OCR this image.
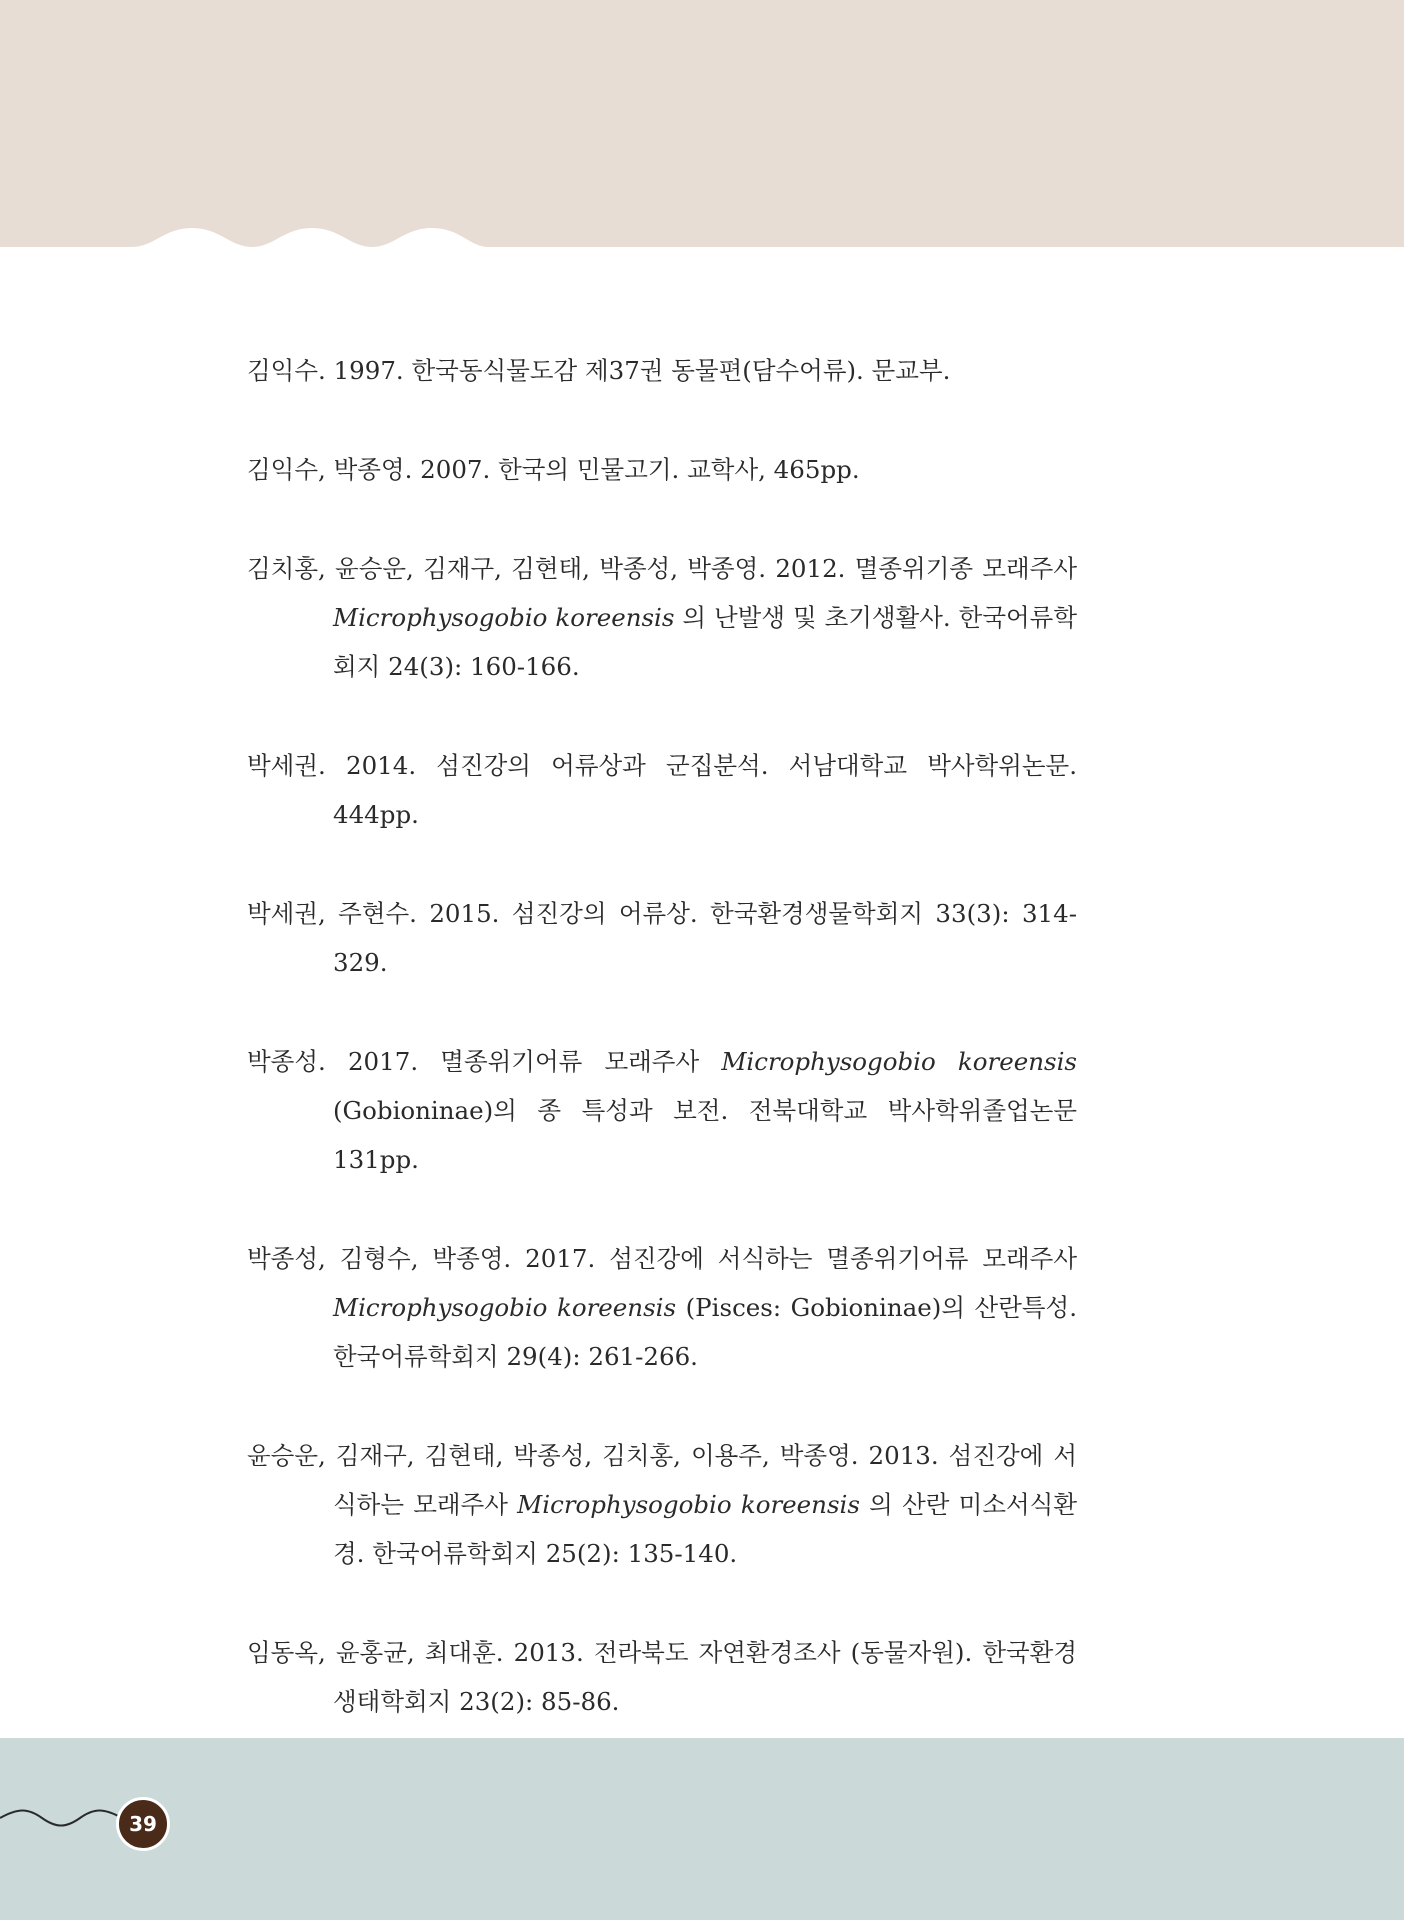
김익수. 1997. 한국동식물도감 제37권 동물편(담수어류). 문교부.

김익수, 박종영. 2007. 한국의 민물고기. 교학사, 465pp.

김치홍, 윤승운, 김재구, 김현태, 박종성, 박종영. 2012. 멸종위기종 모래주사 Microphysogobio koreensis 의 난발생 및 초기생활사. 한국어류학회지 24(3): 160-166.

박세권. 2014. 섬진강의 어류상과 군집분석. 서남대학교 박사학위논문. 444pp.

박세권, 주현수. 2015. 섬진강의 어류상. 한국환경생물학회지 33(3): 314-329.

박종성. 2017. 멸종위기어류 모래주사 Microphysogobio koreensis (Gobioninae)의 종 특성과 보전. 전북대학교 박사학위졸업논문 131pp.

박종성, 김형수, 박종영. 2017. 섬진강에 서식하는 멸종위기어류 모래주사 Microphysogobio koreensis (Pisces: Gobioninae)의 산란특성. 한국어류학회지 29(4): 261-266.

윤승운, 김재구, 김현태, 박종성, 김치홍, 이용주, 박종영. 2013. 섬진강에 서식하는 모래주사 Microphysogobio koreensis 의 산란 미소서식환경. 한국어류학회지 25(2): 135-140.

임동옥, 윤홍균, 최대훈. 2013. 전라북도 자연환경조사 (동물자원). 한국환경생태학회지 23(2): 85-86.

39
